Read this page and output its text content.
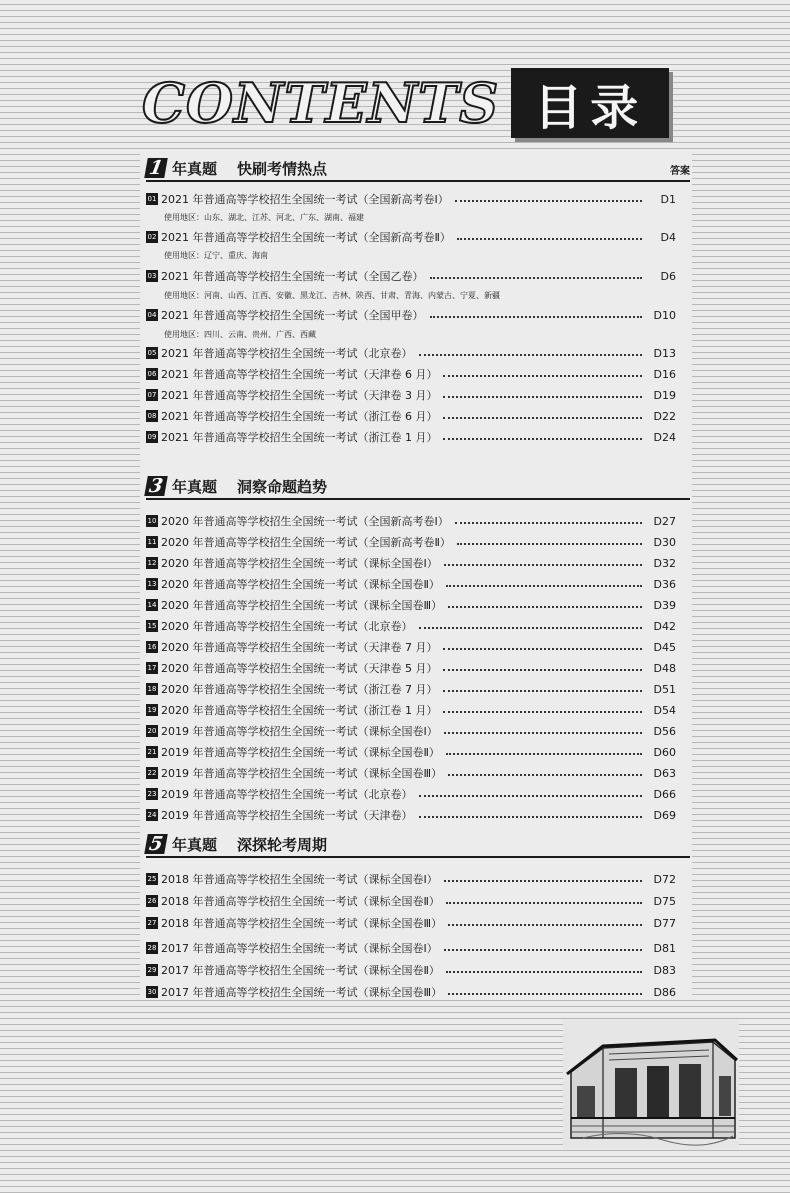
CONTENTS 目录
1 年真题 快刷考情热点	答案
01 2021 年普通高等学校招生全国统一考试（全国新高考卷Ⅰ）	D1
使用地区：山东、湖北、江苏、河北、广东、湖南、福建
02 2021 年普通高等学校招生全国统一考试（全国新高考卷Ⅱ）	D4
使用地区：辽宁、重庆、海南
03 2021 年普通高等学校招生全国统一考试（全国乙卷）	D6
使用地区：河南、山西、江西、安徽、黑龙江、吉林、陕西、甘肃、青海、内蒙古、宁夏、新疆
04 2021 年普通高等学校招生全国统一考试（全国甲卷）	D10
使用地区：四川、云南、贵州、广西、西藏
05 2021 年普通高等学校招生全国统一考试（北京卷）	D13
06 2021 年普通高等学校招生全国统一考试（天津卷 6 月）	D16
07 2021 年普通高等学校招生全国统一考试（天津卷 3 月）	D19
08 2021 年普通高等学校招生全国统一考试（浙江卷 6 月）	D22
09 2021 年普通高等学校招生全国统一考试（浙江卷 1 月）	D24
3 年真题 洞察命题趋势
10 2020 年普通高等学校招生全国统一考试（全国新高考卷Ⅰ）	D27
11 2020 年普通高等学校招生全国统一考试（全国新高考卷Ⅱ）	D30
12 2020 年普通高等学校招生全国统一考试（课标全国卷Ⅰ）	D32
13 2020 年普通高等学校招生全国统一考试（课标全国卷Ⅱ）	D36
14 2020 年普通高等学校招生全国统一考试（课标全国卷Ⅲ）	D39
15 2020 年普通高等学校招生全国统一考试（北京卷）	D42
16 2020 年普通高等学校招生全国统一考试（天津卷 7 月）	D45
17 2020 年普通高等学校招生全国统一考试（天津卷 5 月）	D48
18 2020 年普通高等学校招生全国统一考试（浙江卷 7 月）	D51
19 2020 年普通高等学校招生全国统一考试（浙江卷 1 月）	D54
20 2019 年普通高等学校招生全国统一考试（课标全国卷Ⅰ）	D56
21 2019 年普通高等学校招生全国统一考试（课标全国卷Ⅱ）	D60
22 2019 年普通高等学校招生全国统一考试（课标全国卷Ⅲ）	D63
23 2019 年普通高等学校招生全国统一考试（北京卷）	D66
24 2019 年普通高等学校招生全国统一考试（天津卷）	D69
5 年真题 深探轮考周期
25 2018 年普通高等学校招生全国统一考试（课标全国卷Ⅰ）	D72
26 2018 年普通高等学校招生全国统一考试（课标全国卷Ⅱ）	D75
27 2018 年普通高等学校招生全国统一考试（课标全国卷Ⅲ）	D77
28 2017 年普通高等学校招生全国统一考试（课标全国卷Ⅰ）	D81
29 2017 年普通高等学校招生全国统一考试（课标全国卷Ⅱ）	D83
30 2017 年普通高等学校招生全国统一考试（课标全国卷Ⅲ）	D86
